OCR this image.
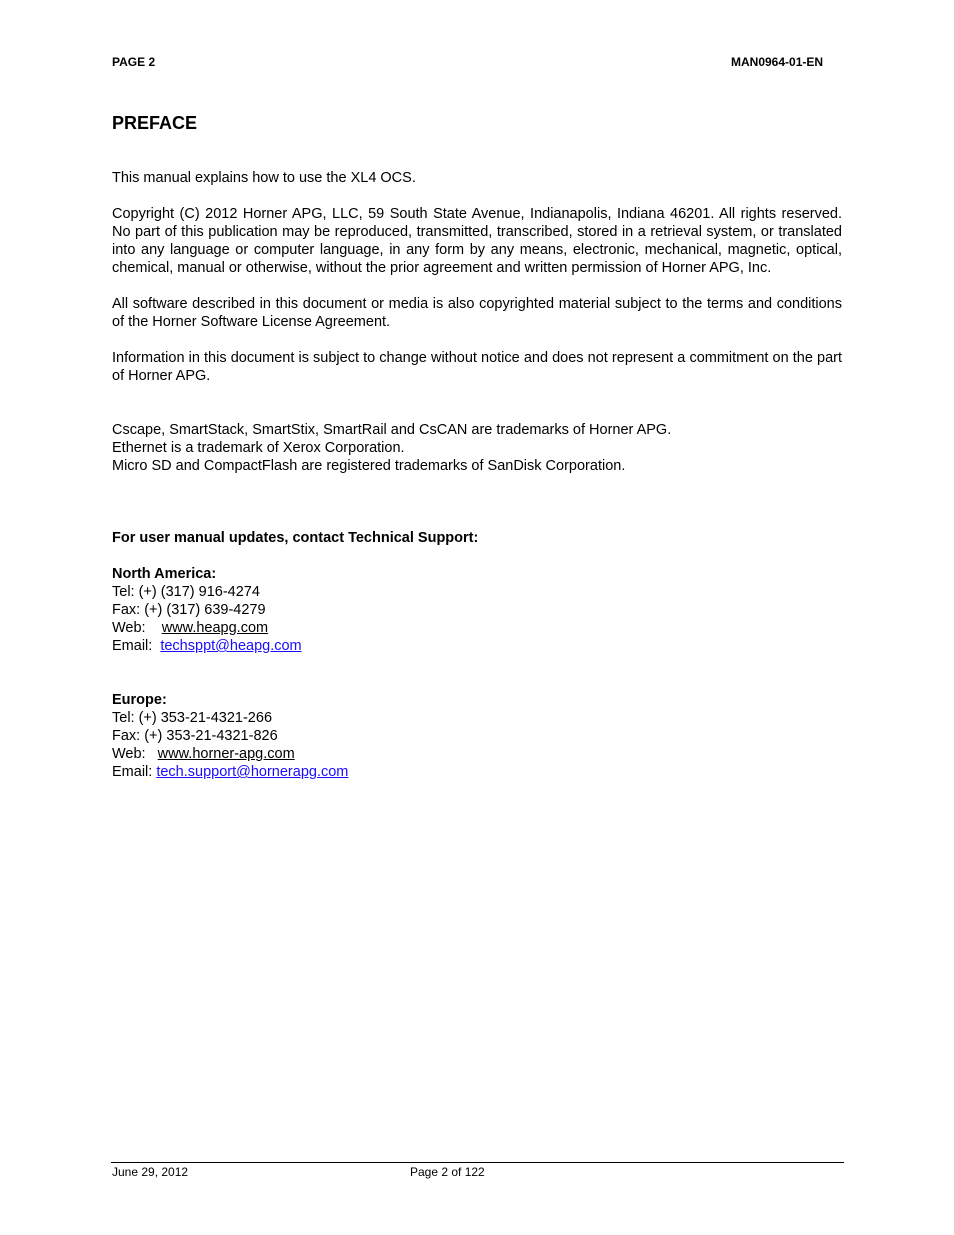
PAGE 2	MAN0964-01-EN
PREFACE

This manual explains how to use the XL4 OCS.

Copyright (C) 2012 Horner APG, LLC, 59 South State Avenue, Indianapolis, Indiana 46201. All rights reserved. No part of this publication may be reproduced, transmitted, transcribed, stored in a retrieval system, or translated into any language or computer language, in any form by any means, electronic, mechanical, magnetic, optical, chemical, manual or otherwise, without the prior agreement and written permission of Horner APG, Inc.

All software described in this document or media is also copyrighted material subject to the terms and conditions of the Horner Software License Agreement.

Information in this document is subject to change without notice and does not represent a commitment on the part of Horner APG.

Cscape, SmartStack, SmartStix, SmartRail and CsCAN are trademarks of Horner APG.

Ethernet is a trademark of Xerox Corporation.

Micro SD and CompactFlash are registered trademarks of SanDisk Corporation.

For user manual updates, contact Technical Support:

North America:

Tel: (+) (317) 916-4274

Fax: (+) (317) 639-4279

Web:    www.heapg.com

Email:  techsppt@heapg.com

Europe:

Tel: (+) 353-21-4321-266

Fax: (+) 353-21-4321-826

Web:   www.horner-apg.com

Email: tech.support@hornerapg.com

June 29, 2012	Page 2 of 122
